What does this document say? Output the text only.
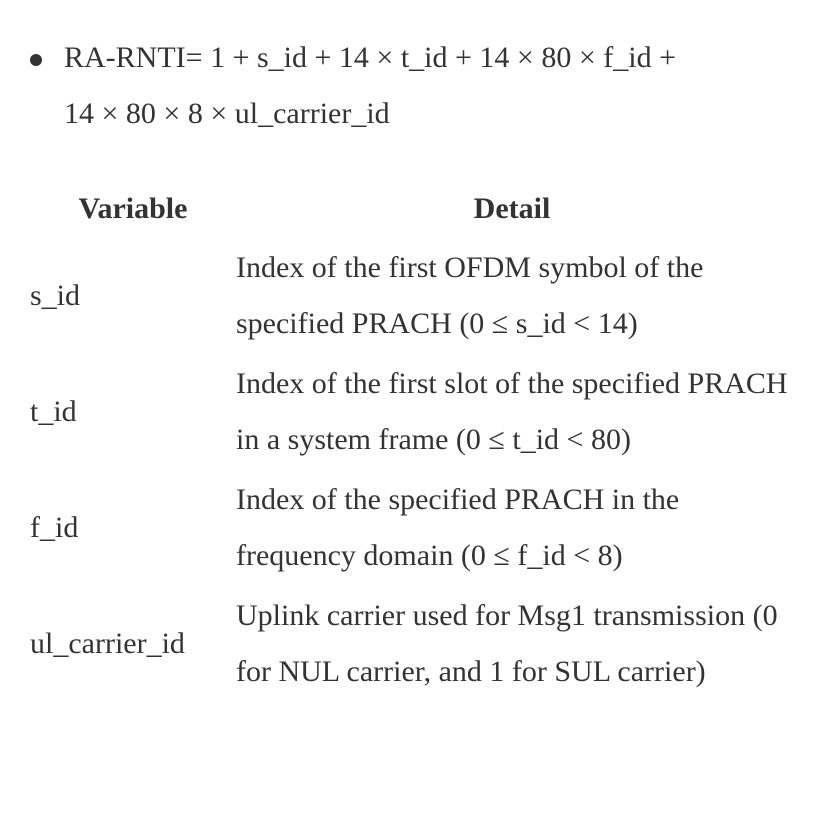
RA-RNTI= 1 + s_id + 14 × t_id + 14 × 80 × f_id +
14 × 80 × 8 × ul_carrier_id
Variable	Detail
s_id	Index of the first OFDM symbol of the specified PRACH (0 ≤ s_id < 14)
t_id	Index of the first slot of the specified PRACH in a system frame (0 ≤ t_id < 80)
f_id	Index of the specified PRACH in the frequency domain (0 ≤ f_id < 8)
ul_carrier_id	Uplink carrier used for Msg1 transmission (0 for NUL carrier, and 1 for SUL carrier)
